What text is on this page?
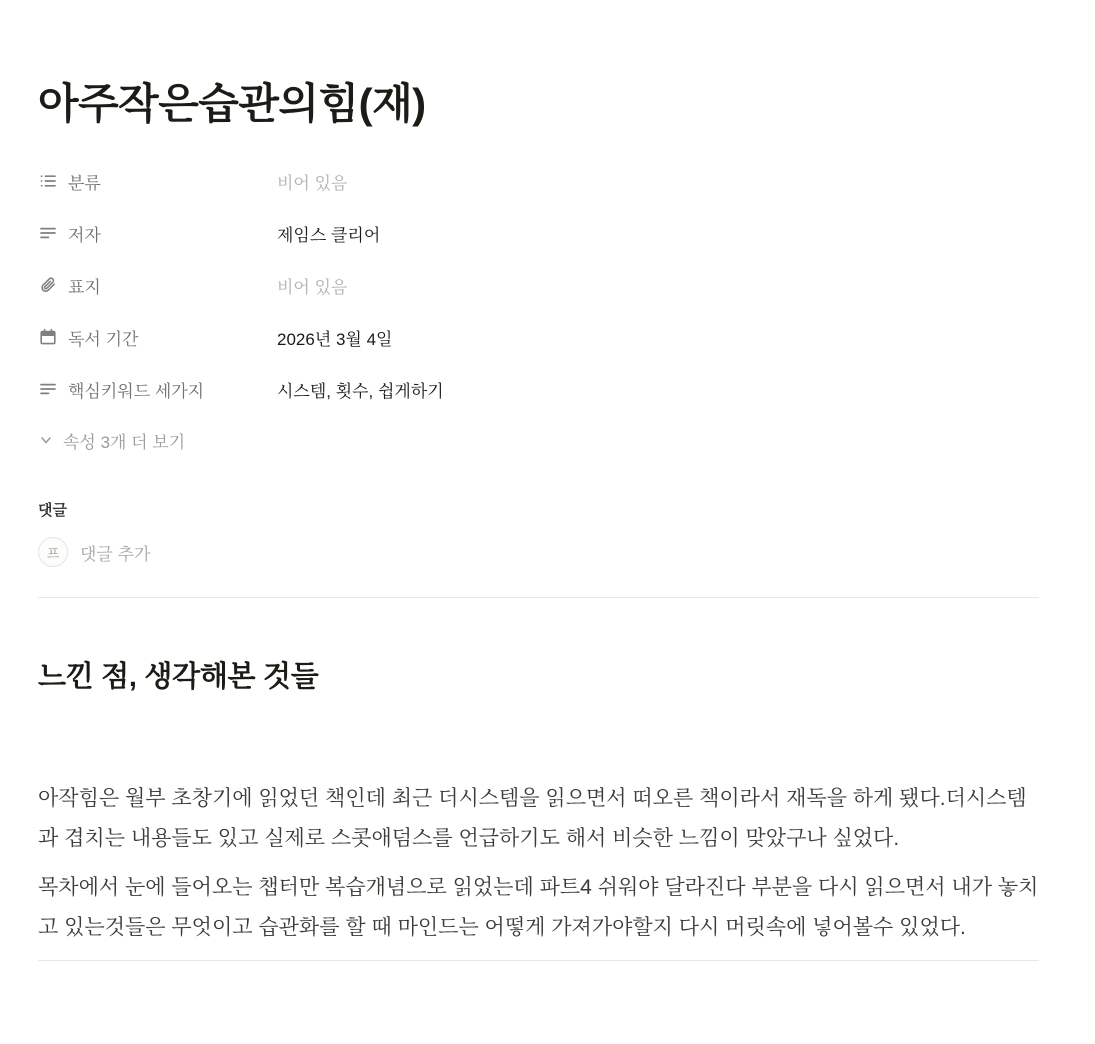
아주작은습관의힘(재)
분류	비어 있음
저자	제임스 클리어
표지	비어 있음
독서 기간	2026년 3월 4일
핵심키워드 세가지	시스템, 횟수, 쉽게하기
속성 3개 더 보기
댓글
프	댓글 추가
느낀 점, 생각해본 것들

아작힘은 월부 초창기에 읽었던 책인데 최근 더시스템을 읽으면서 떠오른 책이라서 재독을 하게 됐다.더시스템과 겹치는 내용들도 있고 실제로 스콧애덤스를 언급하기도 해서 비슷한 느낌이 맞았구나 싶었다.

목차에서 눈에 들어오는 챕터만 복습개념으로 읽었는데 파트4 쉬워야 달라진다 부분을 다시 읽으면서 내가 놓치고 있는것들은 무엇이고 습관화를 할 때 마인드는 어떻게 가져가야할지 다시 머릿속에 넣어볼수 있었다.
